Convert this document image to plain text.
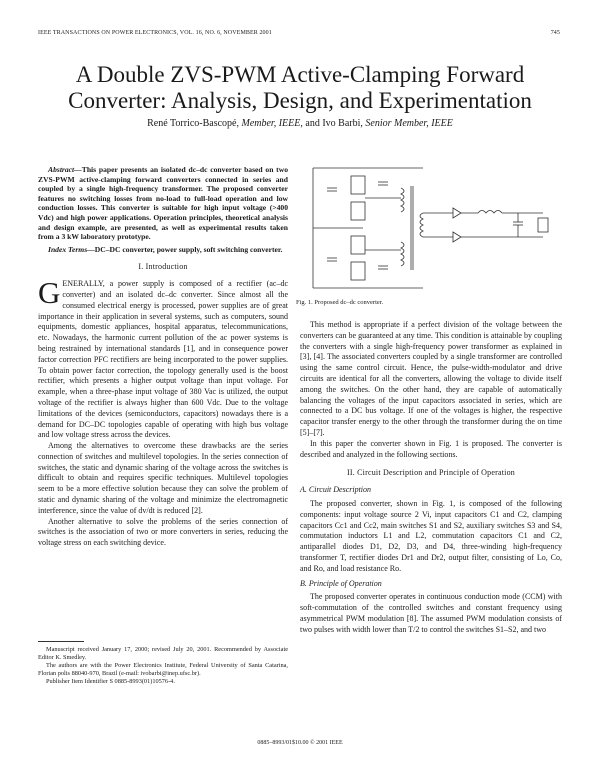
IEEE TRANSACTIONS ON POWER ELECTRONICS, VOL. 16, NO. 6, NOVEMBER 2001	745
A Double ZVS-PWM Active-Clamping Forward
Converter: Analysis, Design, and Experimentation
René Torrico-Bascopé, Member, IEEE, and Ivo Barbi, Senior Member, IEEE

Abstract—This paper presents an isolated dc–dc converter based on two ZVS-PWM active-clamping forward converters connected in series and coupled by a single high-frequency transformer. The proposed converter features no switching losses from no-load to full-load operation and low conduction losses. This converter is suitable for high input voltage (>400 Vdc) and high power applications. Operation principles, theoretical analysis and design example, are presented, as well as experimental results taken from a 3 kW laboratory prototype.

Index Terms—DC–DC converter, power supply, soft switching converter.

I. Introduction

GENERALLY, a power supply is composed of a rectifier (ac–dc converter) and an isolated dc–dc converter. Since almost all the consumed electrical energy is processed, power supplies are of great importance in their application in several systems, such as computers, sound equipments, domestic appliances, hospital apparatus, telecommunications, etc. Nowadays, the harmonic current pollution of the ac power systems is being restrained by international standards [1], and in consequence power factor correction PFC rectifiers are being incorporated to the power supplies. To obtain power factor correction, the topology generally used is the boost rectifier, which presents a higher output voltage than input voltage. For example, when a three-phase input voltage of 380 Vac is utilized, the output voltage of the rectifier is always higher than 600 Vdc. Due to the voltage limitations of the devices (semiconductors, capacitors) nowadays there is a demand for DC–DC topologies capable of operating with high bus voltage and low voltage stress across the devices.

Among the alternatives to overcome these drawbacks are the series connection of switches and multilevel topologies. In the series connection of switches, the static and dynamic sharing of the voltage across the switches is difficult to obtain and requires specific techniques. Multilevel topologies seem to be a more effective solution because they can solve the problem of static and dynamic sharing of the voltage and minimize the electromagnetic interference, since the value of dv/dt is reduced [2].

Another alternative to solve the problems of the series connection of switches is the association of two or more converters in series, reducing the voltage stress on each switching device.

Manuscript received January 17, 2000; revised July 20, 2001. Recommended by Associate Editor K. Smedley.

The authors are with the Power Electronics Institute, Federal University of Santa Catarina, Florian polis 88040-970, Brazil (e-mail: ivobarbi@inep.ufsc.br).

Publisher Item Identifier S 0885-8993(01)10576-4.

Fig. 1. Proposed dc–dc converter.

This method is appropriate if a perfect division of the voltage between the converters can be guaranteed at any time. This condition is attainable by coupling the converters with a single high-frequency power transformer as explained in [3], [4]. The associated converters coupled by a single transformer are controlled using the same control circuit. Hence, the pulse-width-modulator and drive circuits are identical for all the converters, allowing the voltage to divide itself among the switches. On the other hand, they are capable of automatically balancing the voltages of the input capacitors associated in series, which are connected to a DC bus voltage. If one of the voltages is higher, the respective capacitor transfer energy to the other through the transformer during the on time [5]–[7].

In this paper the converter shown in Fig. 1 is proposed. The converter is described and analyzed in the following sections.

II. Circuit Description and Principle of Operation
A. Circuit Description

The proposed converter, shown in Fig. 1, is composed of the following components: input voltage source 2 Vi, input capacitors C1 and C2, clamping capacitors Cc1 and Cc2, main switches S1 and S2, auxiliary switches S3 and S4, commutation inductors L1 and L2, commutation capacitors C1 and C2, antiparallel diodes D1, D2, D3, and D4, three-winding high-frequency transformer T, rectifier diodes Dr1 and Dr2, output filter, consisting of Lo, Co, and Ro, and load resistance Ro.

B. Principle of Operation

The proposed converter operates in continuous conduction mode (CCM) with soft-commutation of the controlled switches and constant frequency using asymmetrical PWM modulation [8]. The assumed PWM modulation consists of two pulses with width lower than T/2 to control the switches S1–S2, and two

0885–8993/01$10.00 © 2001 IEEE
